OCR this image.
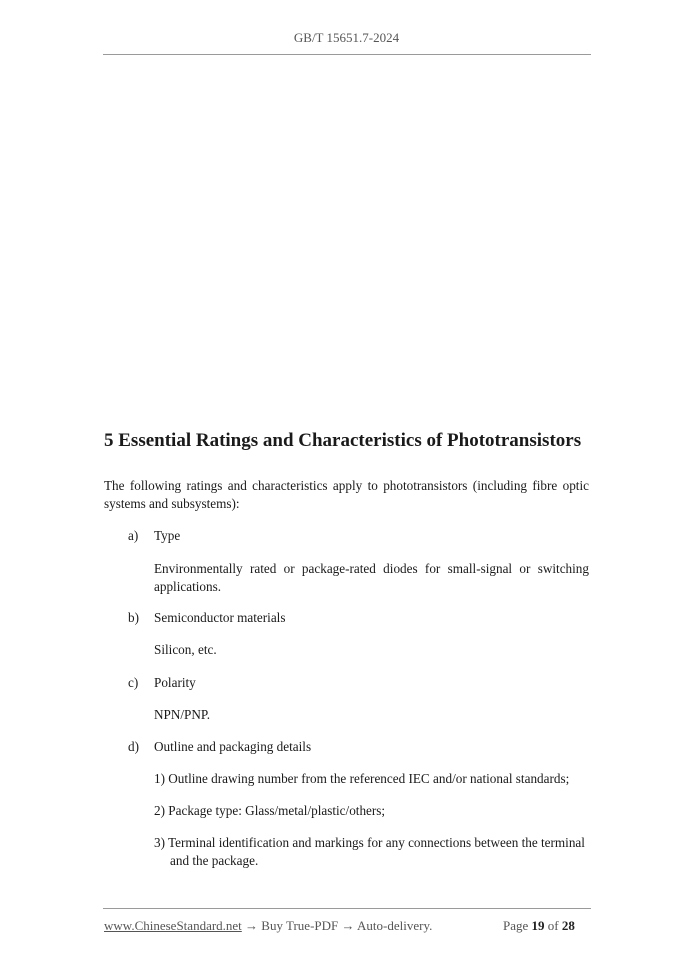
GB/T 15651.7-2024
5 Essential Ratings and Characteristics of Phototransistors

The following ratings and characteristics apply to phototransistors (including fibre optic systems and subsystems):

a) Type

Environmentally rated or package-rated diodes for small-signal or switching applications.

b) Semiconductor materials

Silicon, etc.

c) Polarity

NPN/PNP.

d) Outline and packaging details

1) Outline drawing number from the referenced IEC and/or national standards;

2) Package type: Glass/metal/plastic/others;

3) Terminal identification and markings for any connections between the terminal and the package.

www.ChineseStandard.net → Buy True-PDF → Auto-delivery.	Page 19 of 28
